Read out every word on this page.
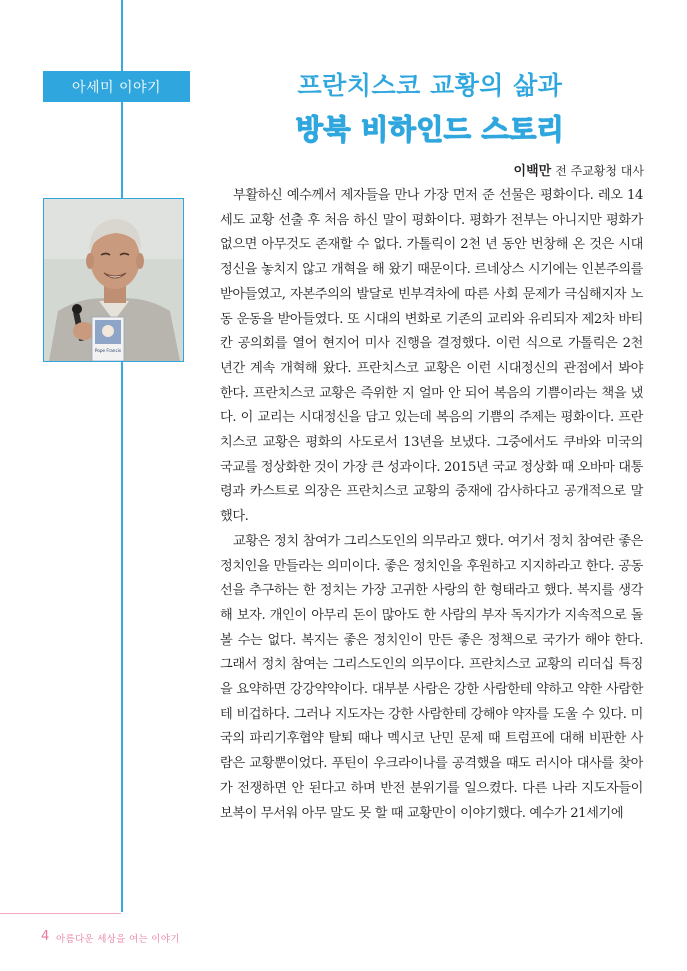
아세미 이야기	프란치스코 교황의 삶과
방북 비하인드 스토리
이백만 전 주교황청 대사
Pope Francis

부활하신 예수께서 제자들을 만나 가장 먼저 준 선물은 평화이다. 레오 14세도 교황 선출 후 처음 하신 말이 평화이다. 평화가 전부는 아니지만 평화가 없으면 아무것도 존재할 수 없다. 가톨릭이 2천 년 동안 번창해 온 것은 시대정신을 놓치지 않고 개혁을 해 왔기 때문이다. 르네상스 시기에는 인본주의를 받아들였고, 자본주의의 발달로 빈부격차에 따른 사회 문제가 극심해지자 노동 운동을 받아들였다. 또 시대의 변화로 기존의 교리와 유리되자 제2차 바티칸 공의회를 열어 현지어 미사 진행을 결정했다. 이런 식으로 가톨릭은 2천 년간 계속 개혁해 왔다. 프란치스코 교황은 이런 시대정신의 관점에서 봐야 한다. 프란치스코 교황은 즉위한 지 얼마 안 되어 복음의 기쁨이라는 책을 냈다. 이 교리는 시대정신을 담고 있는데 복음의 기쁨의 주제는 평화이다. 프란치스코 교황은 평화의 사도로서 13년을 보냈다. 그중에서도 쿠바와 미국의 국교를 정상화한 것이 가장 큰 성과이다. 2015년 국교 정상화 때 오바마 대통령과 카스트로 의장은 프란치스코 교황의 중재에 감사하다고 공개적으로 말했다.

교황은 정치 참여가 그리스도인의 의무라고 했다. 여기서 정치 참여란 좋은 정치인을 만들라는 의미이다. 좋은 정치인을 후원하고 지지하라고 한다. 공동선을 추구하는 한 정치는 가장 고귀한 사랑의 한 형태라고 했다. 복지를 생각해 보자. 개인이 아무리 돈이 많아도 한 사람의 부자 독지가가 지속적으로 돌볼 수는 없다. 복지는 좋은 정치인이 만든 좋은 정책으로 국가가 해야 한다. 그래서 정치 참여는 그리스도인의 의무이다. 프란치스코 교황의 리더십 특징을 요약하면 강강약약이다. 대부분 사람은 강한 사람한테 약하고 약한 사람한테 비겁하다. 그러나 지도자는 강한 사람한테 강해야 약자를 도울 수 있다. 미국의 파리기후협약 탈퇴 때나 멕시코 난민 문제 때 트럼프에 대해 비판한 사람은 교황뿐이었다. 푸틴이 우크라이나를 공격했을 때도 러시아 대사를 찾아가 전쟁하면 안 된다고 하며 반전 분위기를 일으켰다. 다른 나라 지도자들이 보복이 무서워 아무 말도 못 할 때 교황만이 이야기했다. 예수가 21세기에

4 아름다운 세상을 여는 이야기
